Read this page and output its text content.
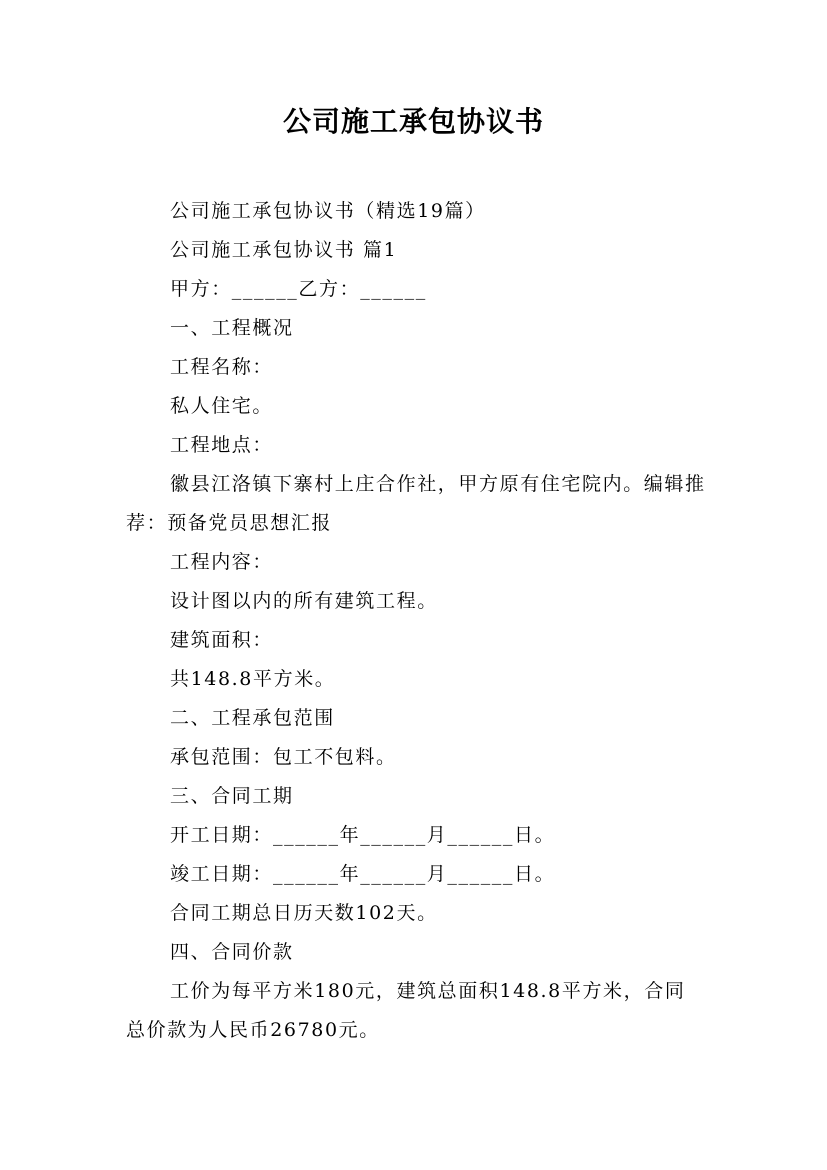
公司施工承包协议书

公司施工承包协议书（精选19篇）

公司施工承包协议书 篇1

甲方：______乙方：______

一、工程概况

工程名称：

私人住宅。

工程地点：

徽县江洛镇下寨村上庄合作社，甲方原有住宅院内。编辑推荐：预备党员思想汇报

工程内容：

设计图以内的所有建筑工程。

建筑面积：

共148.8平方米。

二、工程承包范围

承包范围：包工不包料。

三、合同工期

开工日期：______年______月______日。

竣工日期：______年______月______日。

合同工期总日历天数102天。

四、合同价款

工价为每平方米180元，建筑总面积148.8平方米，合同总价款为人民币26780元。
